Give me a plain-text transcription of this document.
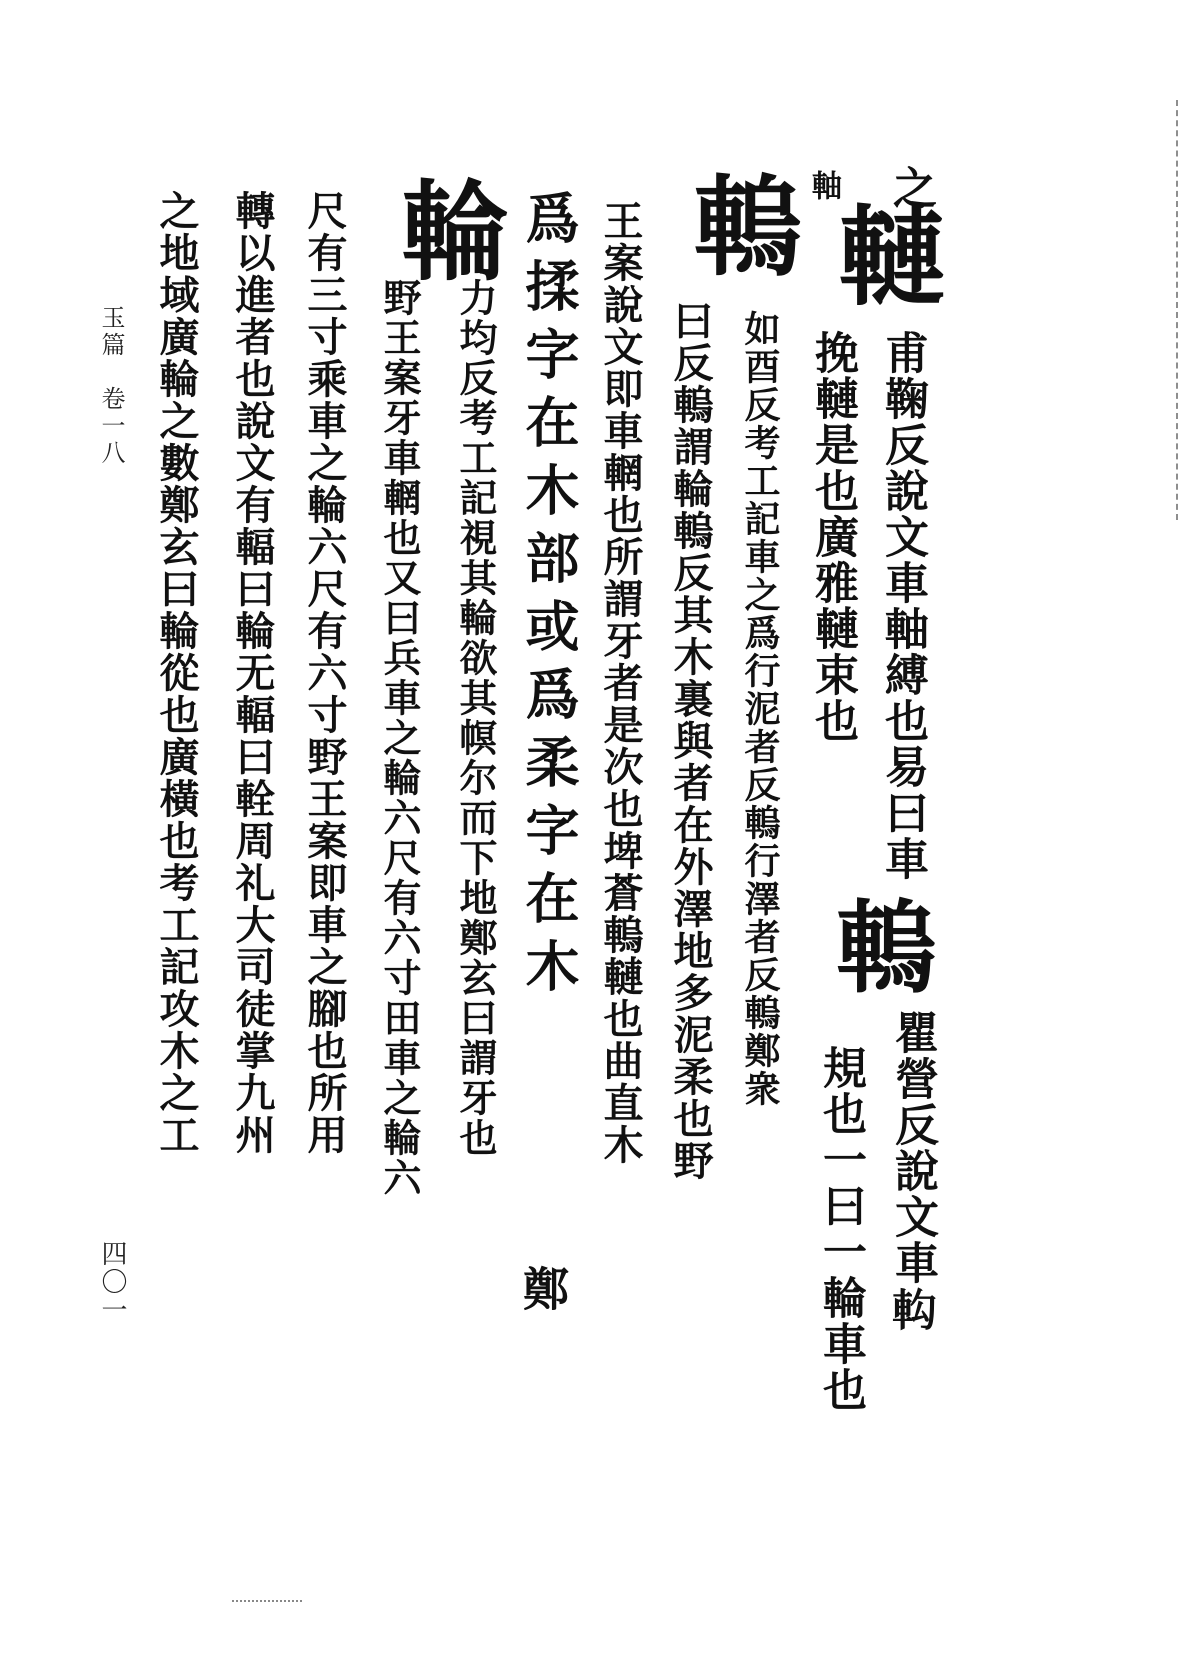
之
軸
轋
䡧
甫鞠反說文車軸縛也易曰車
挽轋是也廣雅轋束也
䡧
瞿營反說文車𨊵
規也一曰一輪車也
如酉反考工記車之爲行泥者反䡧行澤者反䡧鄭衆
曰反䡧謂輪䡧反其木裏與者在外澤地多泥柔也野
王案說文即車輞也所謂牙者是次也埤蒼䡧轋也曲直木
爲揉字在木部或爲柔字在木
鄭
輪
力均反考工記視其輪欲其幎尔而下地鄭玄曰謂牙也
野王案牙車輞也又曰兵車之輪六尺有六寸田車之輪六
尺有三寸乘車之輪六尺有六寸野王案即車之腳也所用
轉以進者也說文有輻曰輪无輻曰輇周礼大司徒掌九州
之地域廣輪之數鄭玄曰輪從也廣橫也考工記攻木之工
玉篇　卷一八
四〇一
